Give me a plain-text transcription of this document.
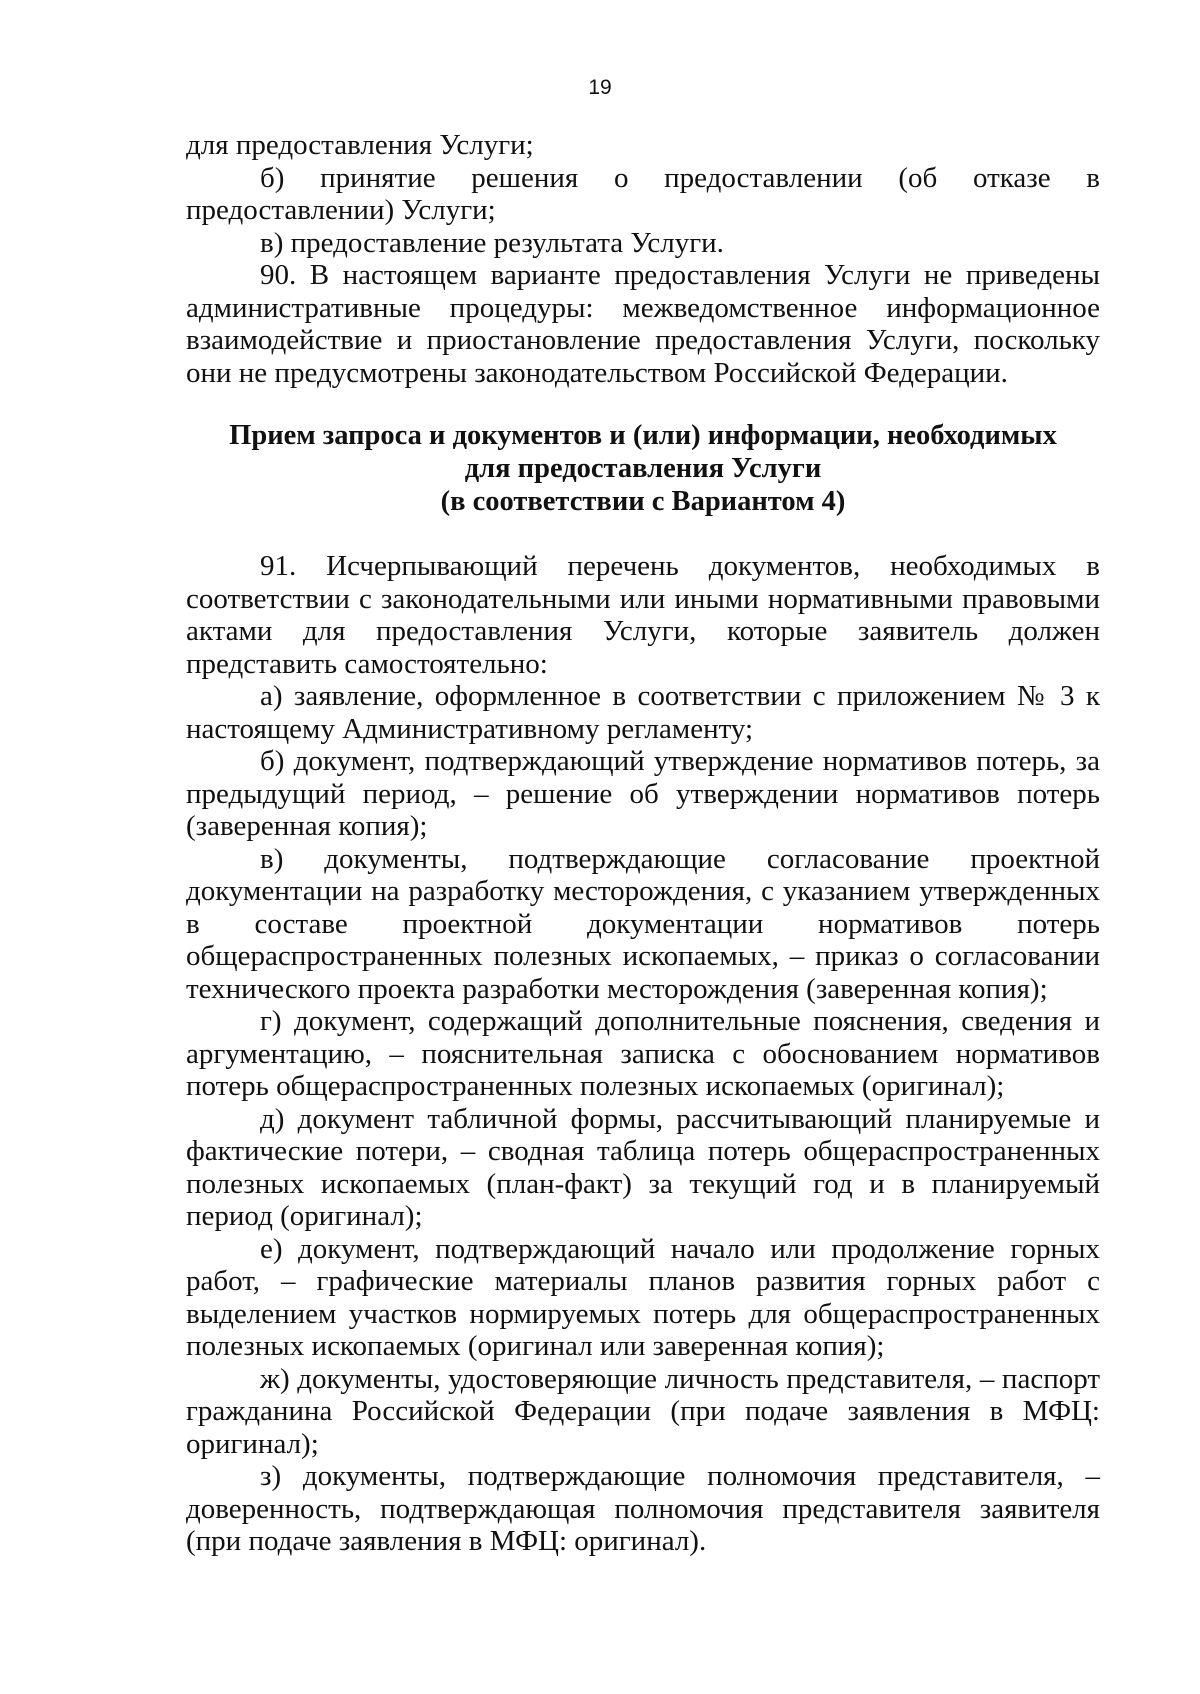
19

для предоставления Услуги;

б) принятие решения о предоставлении (об отказе в предоставлении) Услуги;

в) предоставление результата Услуги.

90. В настоящем варианте предоставления Услуги не приведены административные процедуры: межведомственное информационное взаимодействие и приостановление предоставления Услуги, поскольку они не предусмотрены законодательством Российской Федерации.

Прием запроса и документов и (или) информации, необходимых
для предоставления Услуги
(в соответствии с Вариантом 4)

91. Исчерпывающий перечень документов, необходимых в соответствии с законодательными или иными нормативными правовыми актами для предоставления Услуги, которые заявитель должен представить самостоятельно:

а) заявление, оформленное в соответствии с приложением № 3 к настоящему Административному регламенту;

б) документ, подтверждающий утверждение нормативов потерь, за предыдущий период, – решение об утверждении нормативов потерь (заверенная копия);

в) документы, подтверждающие согласование проектной документации на разработку месторождения, с указанием утвержденных в составе проектной документации нормативов потерь общераспространенных полезных ископаемых, – приказ о согласовании технического проекта разработки месторождения (заверенная копия);

г) документ, содержащий дополнительные пояснения, сведения и аргументацию, – пояснительная записка с обоснованием нормативов потерь общераспространенных полезных ископаемых (оригинал);

д) документ табличной формы, рассчитывающий планируемые и фактические потери, – сводная таблица потерь общераспространенных полезных ископаемых (план-факт) за текущий год и в планируемый период (оригинал);

е) документ, подтверждающий начало или продолжение горных работ, – графические материалы планов развития горных работ с выделением участков нормируемых потерь для общераспространенных полезных ископаемых (оригинал или заверенная копия);

ж) документы, удостоверяющие личность представителя, – паспорт гражданина Российской Федерации (при подаче заявления в МФЦ: оригинал);

з) документы, подтверждающие полномочия представителя, – доверенность, подтверждающая полномочия представителя заявителя (при подаче заявления в МФЦ: оригинал).
